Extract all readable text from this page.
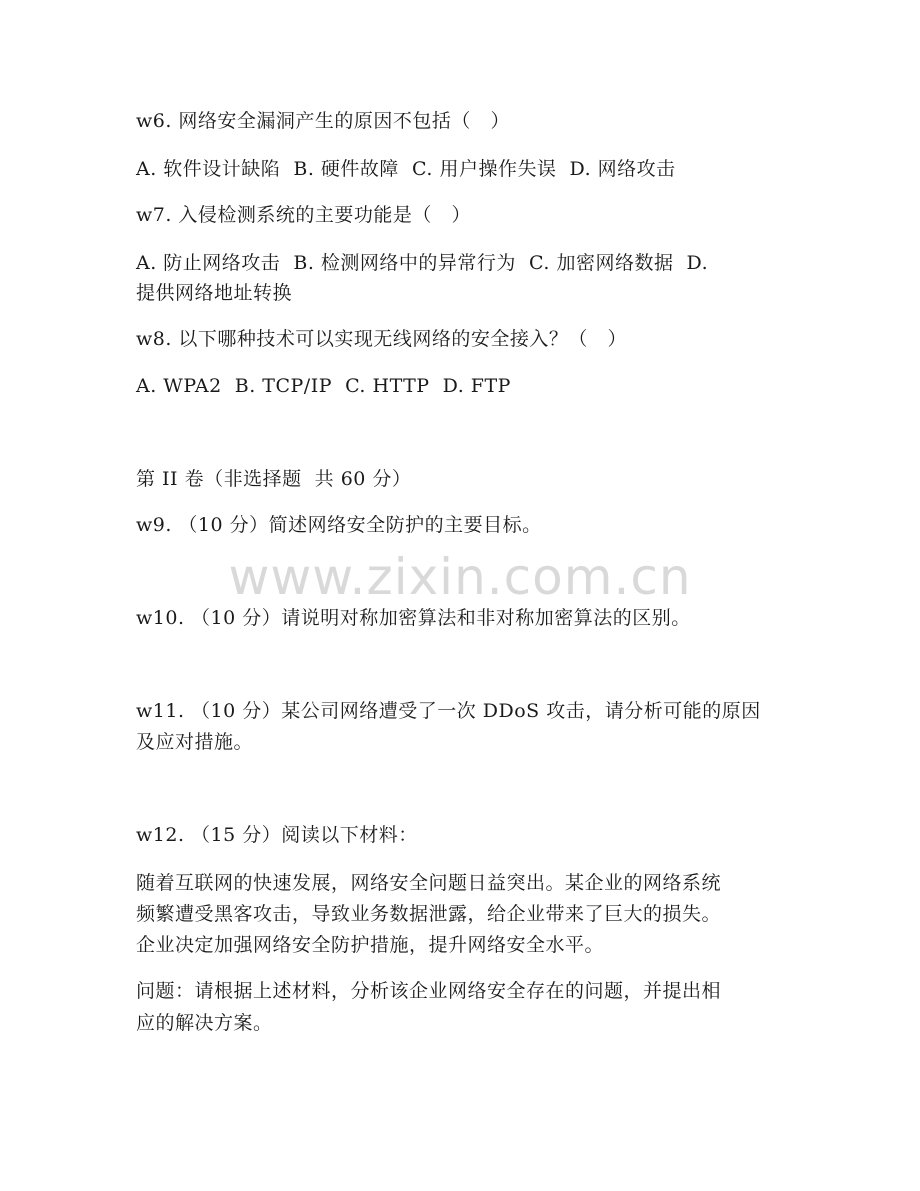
w6. 网络安全漏洞产生的原因不包括（   ）
A. 软件设计缺陷  B. 硬件故障  C. 用户操作失误  D. 网络攻击
w7. 入侵检测系统的主要功能是（   ）
A. 防止网络攻击  B. 检测网络中的异常行为  C. 加密网络数据  D.
提供网络地址转换
w8. 以下哪种技术可以实现无线网络的安全接入？（   ）
A. WPA2  B. TCP/IP  C. HTTP  D. FTP
第 II 卷（非选择题  共 60 分）
w9. （10 分）简述网络安全防护的主要目标。
www.zixin.com.cn
w10. （10 分）请说明对称加密算法和非对称加密算法的区别。
w11. （10 分）某公司网络遭受了一次 DDoS 攻击，请分析可能的原因
及应对措施。
w12. （15 分）阅读以下材料：
随着互联网的快速发展，网络安全问题日益突出。某企业的网络系统
频繁遭受黑客攻击，导致业务数据泄露，给企业带来了巨大的损失。
企业决定加强网络安全防护措施，提升网络安全水平。
问题：请根据上述材料，分析该企业网络安全存在的问题，并提出相
应的解决方案。
